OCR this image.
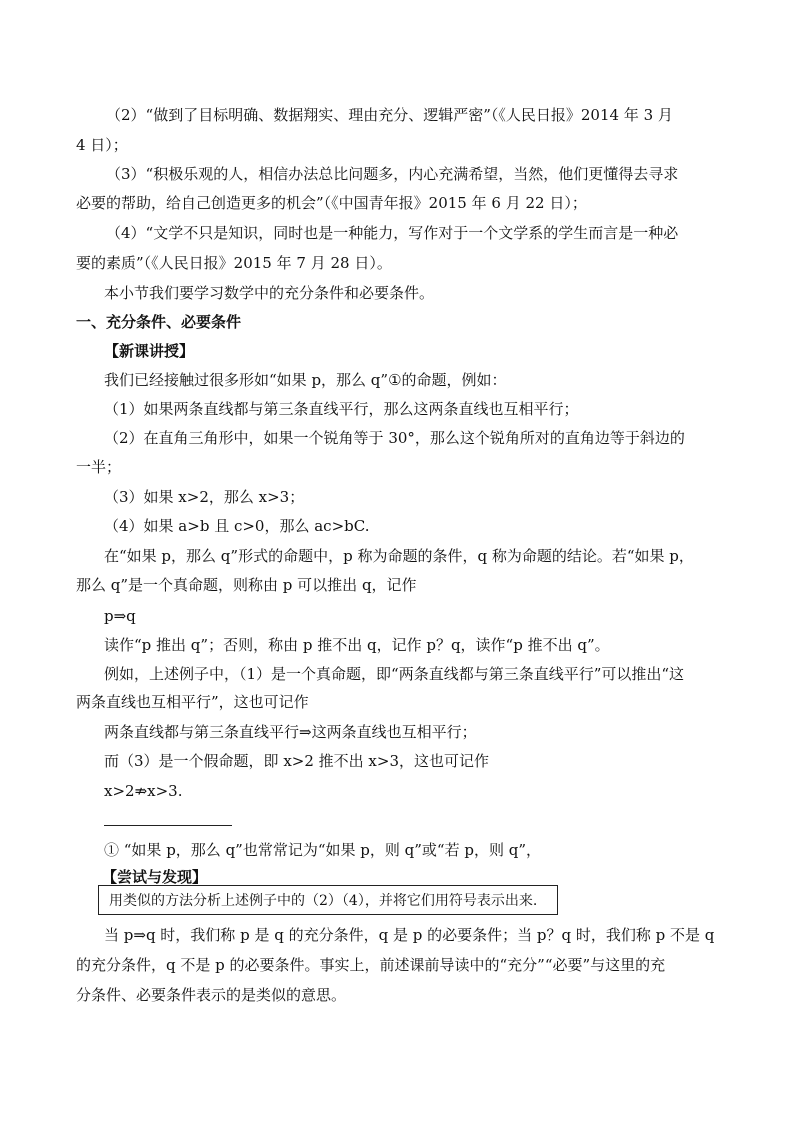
（2）“做到了目标明确、数据翔实、理由充分、逻辑严密”（《人民日报》2014 年 3 月
4 日）；
（3）“积极乐观的人，相信办法总比问题多，内心充满希望，当然，他们更懂得去寻求
必要的帮助，给自己创造更多的机会”（《中国青年报》2015 年 6 月 22 日）；
（4）“文学不只是知识，同时也是一种能力，写作对于一个文学系的学生而言是一种必
要的素质”（《人民日报》2015 年 7 月 28 日）。
本小节我们要学习数学中的充分条件和必要条件。
一、充分条件、必要条件
【新课讲授】
我们已经接触过很多形如“如果 p，那么 q”①的命题，例如：
（1）如果两条直线都与第三条直线平行，那么这两条直线也互相平行；
（2）在直角三角形中，如果一个锐角等于 30°，那么这个锐角所对的直角边等于斜边的
一半；
（3）如果 x>2，那么 x>3；
（4）如果 a>b 且 c>0，那么 ac>bC.
在“如果 p，那么 q”形式的命题中，p 称为命题的条件，q 称为命题的结论。若“如果 p，
那么 q”是一个真命题，则称由 p 可以推出 q，记作
p⇒q
读作“p 推出 q”；否则，称由 p 推不出 q，记作 p？q，读作“p 推不出 q”。
例如，上述例子中，（1）是一个真命题，即“两条直线都与第三条直线平行”可以推出“这
两条直线也互相平行”，这也可记作
两条直线都与第三条直线平行⇒这两条直线也互相平行；
而（3）是一个假命题，即 x>2 推不出 x>3，这也可记作
x>2⇏x>3.
① “如果 p，那么 q”也常常记为“如果 p，则 q”或“若 p，则 q”，
【尝试与发现】
用类似的方法分析上述例子中的（2）（4），并将它们用符号表示出来.
当 p⇒q 时，我们称 p 是 q 的充分条件，q 是 p 的必要条件；当 p？q 时，我们称 p 不是 q
的充分条件，q 不是 p 的必要条件。事实上，前述课前导读中的“充分”“必要”与这里的充
分条件、必要条件表示的是类似的意思。
